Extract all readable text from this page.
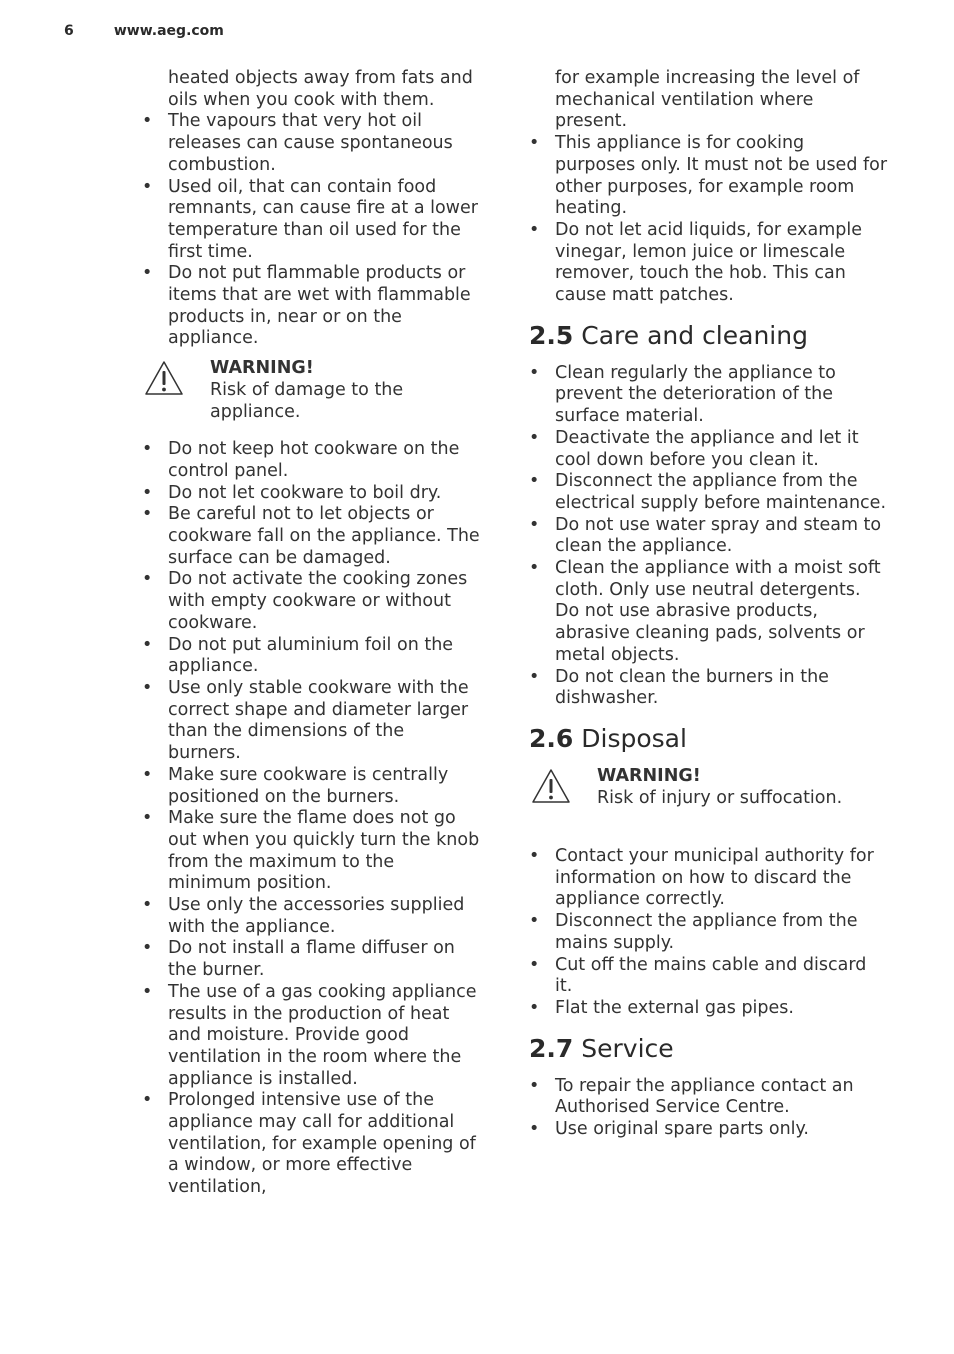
6	www.aeg.com

heated objects away from fats and oils when you cook with them.

• The vapours that very hot oil releases can cause spontaneous combustion.
• Used oil, that can contain food remnants, can cause fire at a lower temperature than oil used for the first time.
• Do not put flammable products or items that are wet with flammable products in, near or on the appliance.
WARNING!
Risk of damage to the appliance.
• Do not keep hot cookware on the control panel.
• Do not let cookware to boil dry.
• Be careful not to let objects or cookware fall on the appliance. The surface can be damaged.
• Do not activate the cooking zones with empty cookware or without cookware.
• Do not put aluminium foil on the appliance.
• Use only stable cookware with the correct shape and diameter larger than the dimensions of the burners.
• Make sure cookware is centrally positioned on the burners.
• Make sure the flame does not go out when you quickly turn the knob from the maximum to the minimum position.
• Use only the accessories supplied with the appliance.
• Do not install a flame diffuser on the burner.
• The use of a gas cooking appliance results in the production of heat and moisture. Provide good ventilation in the room where the appliance is installed.
• Prolonged intensive use of the appliance may call for additional ventilation, for example opening of a window, or more effective ventilation,

for example increasing the level of mechanical ventilation where present.

• This appliance is for cooking purposes only. It must not be used for other purposes, for example room heating.
• Do not let acid liquids, for example vinegar, lemon juice or limescale remover, touch the hob. This can cause matt patches.
2.5 Care and cleaning
• Clean regularly the appliance to prevent the deterioration of the surface material.
• Deactivate the appliance and let it cool down before you clean it.
• Disconnect the appliance from the electrical supply before maintenance.
• Do not use water spray and steam to clean the appliance.
• Clean the appliance with a moist soft cloth. Only use neutral detergents. Do not use abrasive products, abrasive cleaning pads, solvents or metal objects.
• Do not clean the burners in the dishwasher.
2.6 Disposal
WARNING!
Risk of injury or suffocation.
• Contact your municipal authority for information on how to discard the appliance correctly.
• Disconnect the appliance from the mains supply.
• Cut off the mains cable and discard it.
• Flat the external gas pipes.
2.7 Service
• To repair the appliance contact an Authorised Service Centre.
• Use original spare parts only.
